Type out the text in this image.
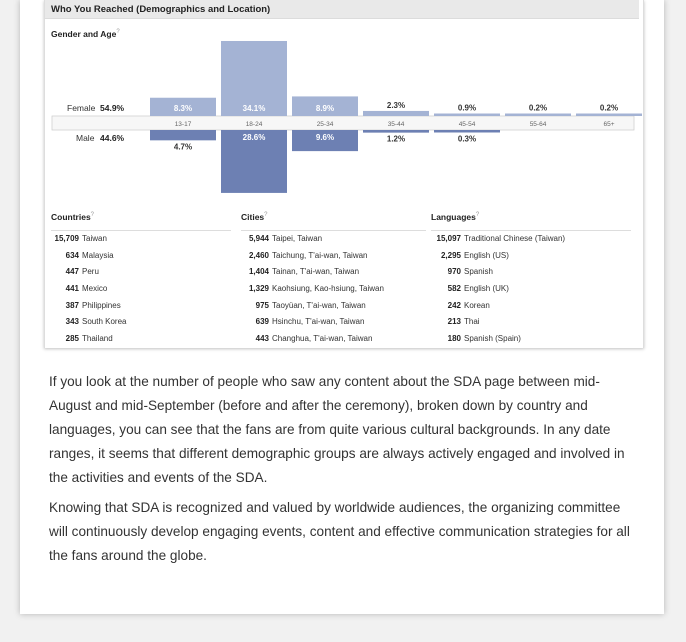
Who You Reached (Demographics and Location)
Gender and Age?
Female 54.9%
Male 44.6%
13-17
8.3%
4.7%
18-24
34.1%
28.6%
25-34
8.9%
9.6%
35-44
2.3%
1.2%
45-54
0.9%
0.3%
55-64
0.2%
65+
0.2%
Countries?
15,709 Taiwan
634 Malaysia
447 Peru
441 Mexico
387 Philippines
343 South Korea
285 Thailand
Cities?
5,944 Taipei, Taiwan
2,460 Taichung, T'ai-wan, Taiwan
1,404 Tainan, T'ai-wan, Taiwan
1,329 Kaohsiung, Kao-hsiung, Taiwan
975 Taoyüan, T'ai-wan, Taiwan
639 Hsinchu, T'ai-wan, Taiwan
443 Changhua, T'ai-wan, Taiwan
Languages?
15,097 Traditional Chinese (Taiwan)
2,295 English (US)
970 Spanish
582 English (UK)
242 Korean
213 Thai
180 Spanish (Spain)

If you look at the number of people who saw any content about the SDA page between mid-August and mid-September (before and after the ceremony), broken down by country and languages, you can see that the fans are from quite various cultural backgrounds. In any date ranges, it seems that different demographic groups are always actively engaged and involved in the activities and events of the SDA.

Knowing that SDA is recognized and valued by worldwide audiences, the organizing committee will continuously develop engaging events, content and effective communication strategies for all the fans around the globe.
